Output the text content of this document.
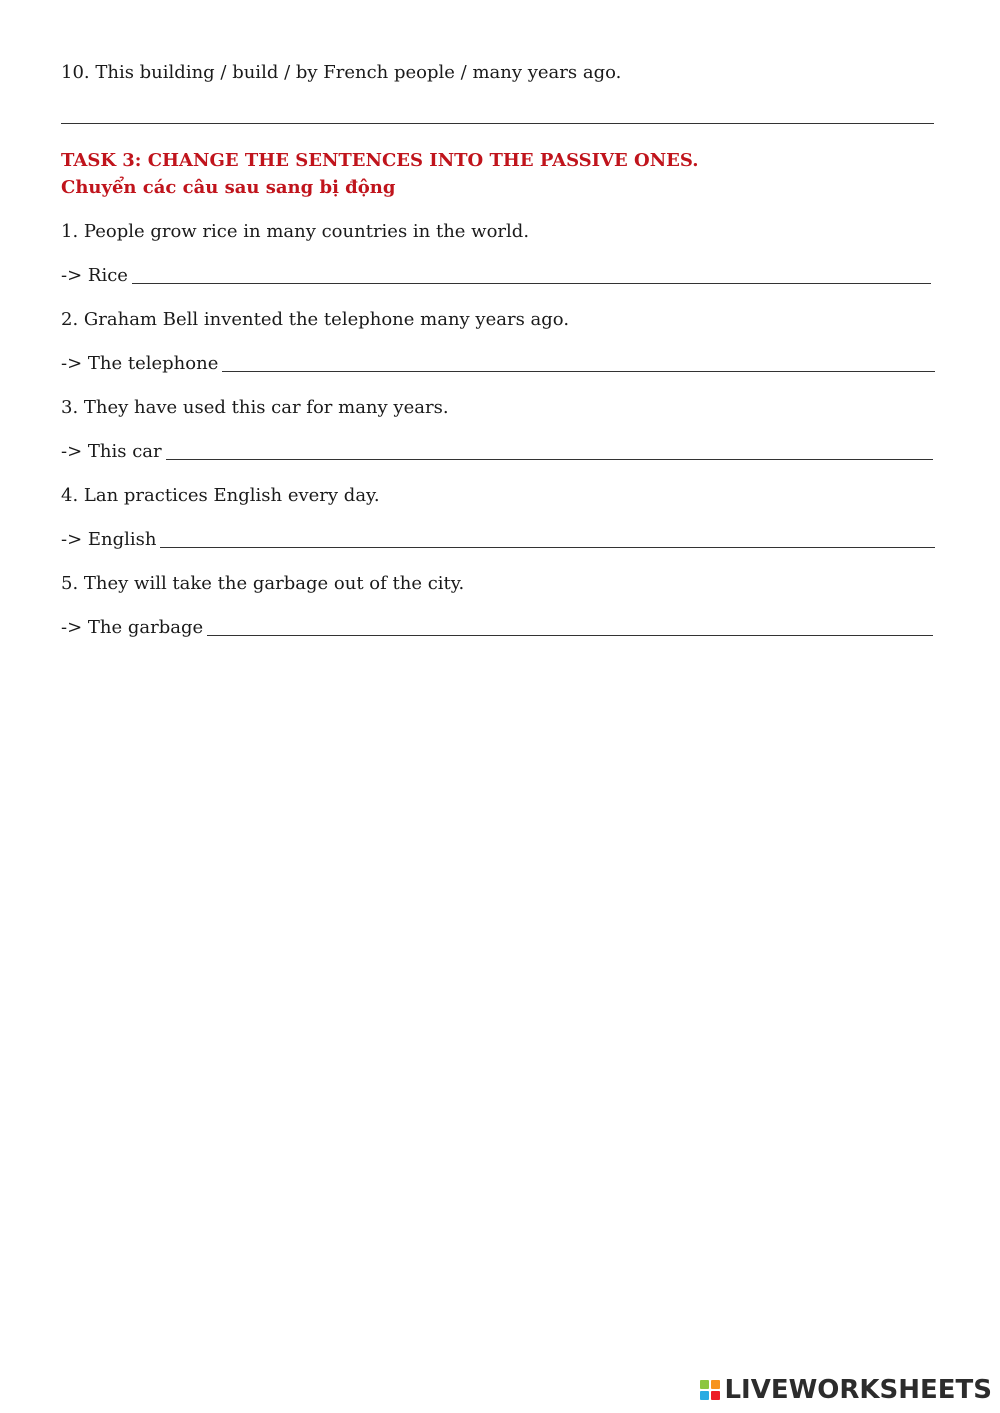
10. This building / build / by French people / many years ago.
TASK 3: CHANGE THE SENTENCES INTO THE PASSIVE ONES.
Chuyển các câu sau sang bị động
1. People grow rice in many countries in the world.
-> Rice
2. Graham Bell invented the telephone many years ago.
-> The telephone
3. They have used this car for many years.
-> This car
4. Lan practices English every day.
-> English
5. They will take the garbage out of the city.
-> The garbage
LIVEWORKSHEETS
